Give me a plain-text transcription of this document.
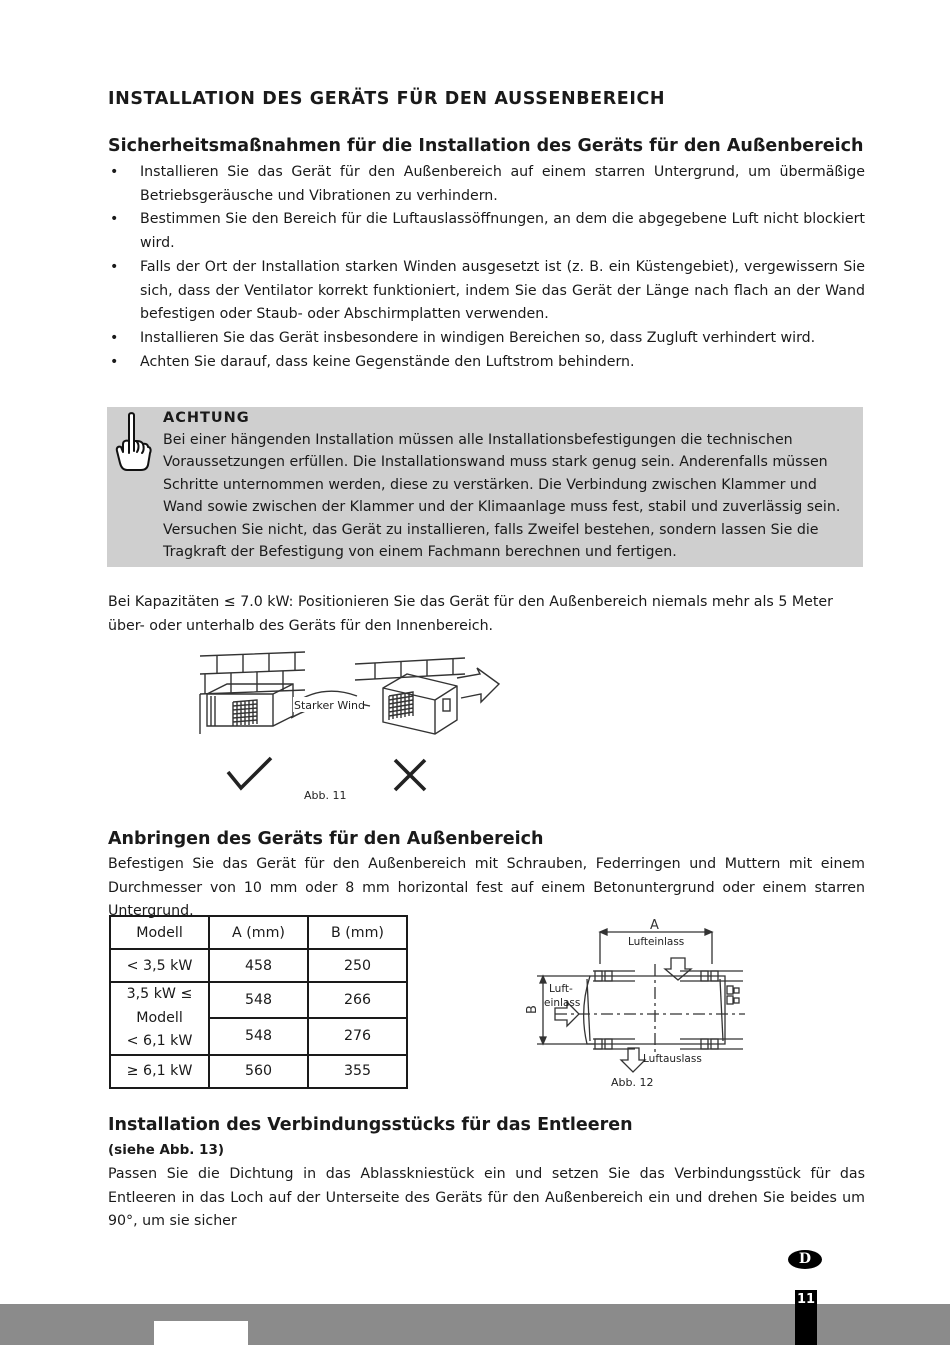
INSTALLATION DES GERÄTS FÜR DEN AUSSENBEREICH
Sicherheitsmaßnahmen für die Installation des Geräts für den Außenbereich
• Installieren Sie das Gerät für den Außenbereich auf einem starren Untergrund, um übermäßige Betriebsgeräusche und Vibrationen zu verhindern.
• Bestimmen Sie den Bereich für die Luftauslassöffnungen, an dem die abgegebene Luft nicht blockiert wird.
• Falls der Ort der Installation starken Winden ausgesetzt ist (z. B. ein Küstengebiet), vergewissern Sie sich, dass der Ventilator korrekt funktioniert, indem Sie das Gerät der Länge nach flach an der Wand befestigen oder Staub- oder Abschirmplatten verwenden.
• Installieren Sie das Gerät insbesondere in windigen Bereichen so, dass Zugluft verhindert wird.
• Achten Sie darauf, dass keine Gegenstände den Luftstrom behindern.
ACHTUNG
Bei einer hängenden Installation müssen alle Installationsbefestigungen die technischen Voraussetzungen erfüllen. Die Installationswand muss stark genug sein. Anderenfalls müssen Schritte unternommen werden, diese zu verstärken. Die Verbindung zwischen Klammer und Wand sowie zwischen der Klammer und der Klimaanlage muss fest, stabil und zuverlässig sein. Versuchen Sie nicht, das Gerät zu installieren, falls Zweifel bestehen, sondern lassen Sie die Tragkraft der Befestigung von einem Fachmann berechnen und fertigen.
Bei Kapazitäten ≤ 7.0 kW: Positionieren Sie das Gerät für den Außenbereich niemals mehr als 5 Meter über- oder unterhalb des Geräts für den Innenbereich.
Starker Wind
Abb. 11
Anbringen des Geräts für den Außenbereich
Befestigen Sie das Gerät für den Außenbereich mit Schrauben, Federringen und Muttern mit einem Durchmesser von 10 mm oder 8 mm horizontal fest auf einem Betonuntergrund oder einem starren Untergrund.
Modell	A (mm)	B (mm)
< 3,5 kW	458	250
3,5 kW ≤
Modell
< 6,1 kW	548	266
	548	276
≥ 6,1 kW	560	355
A
B
Lufteinlass
Luft-
einlass
Luftauslass
Abb. 12
Installation des Verbindungsstücks für das Entleeren
(siehe Abb. 13)
Passen Sie die Dichtung in das Ablasskniestück ein und setzen Sie das Verbindungsstück für das Entleeren in das Loch auf der Unterseite des Geräts für den Außenbereich ein und drehen Sie beides um 90°, um sie sicher
D
11
